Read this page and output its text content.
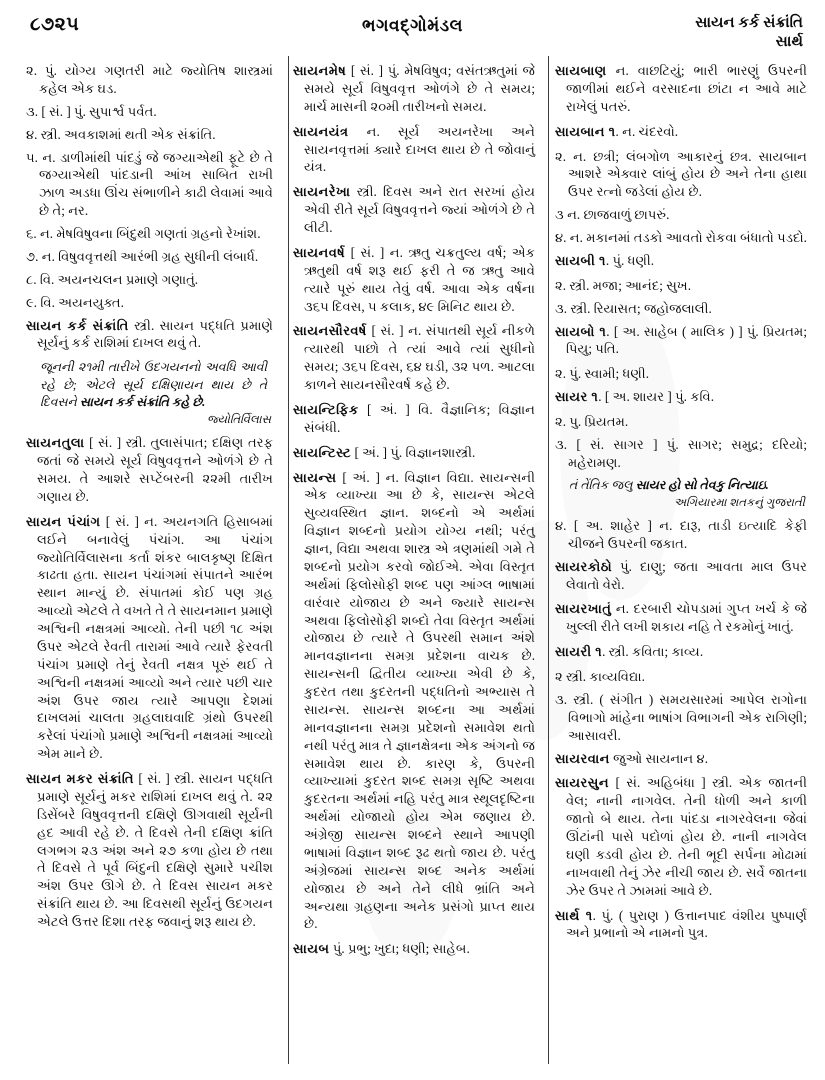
૮૭૨૫	ભગવદ્ગોમંડલ	સાયન કર્ક સંક્રાંતિ
સાર્થ

૨. પું. યોગ્ય ગણતરી માટે જ્યોતિષ શાસ્ત્રમાં કહેલ એક ઘડ.

૩. [ સં. ] પું. સુપાર્શ્વ પર્વત.

૪. સ્ત્રી. અવકાશમાં થતી એક સંક્રાંતિ.

૫. ન. ડાળીમાંથી પાંદડું જે જગ્યાએથી ફૂટે છે તે જગ્યાએથી પાંદડાની આંખ સાબિત રાખી ઝાળ અડધા ઊંચ સંભાળીને કાઢી લેવામાં આવે છે તે; નર.

૬. ન. મેષવિષુવના બિંદુથી ગણતાં ગ્રહનો રેખાંશ.

૭. ન. વિષુવવૃત્તથી આરંભી ગ્રહ સુધીની લંબાર્ધ.

૮. વિ. અયનચલન પ્રમાણે ગણાતું.

૯. વિ. અયનયુક્ત.

સાયન કર્ક સંક્રાંતિ સ્ત્રી. સાયન પદ્ધતિ પ્રમાણે સૂર્યનું કર્ક રાશિમાં દાખલ થવું તે.

જૂનની ૨૧મી તારીખે ઉદગયનનો અવધિ આવી રહે છે; એટલે સૂર્ય દક્ષિણાયન થાય છે તે દિવસને સાયન કર્ક સંક્રાંતિ કહે છે.

જ્યોતિર્વિલાસ

સાયનતુલા [ સં. ] સ્ત્રી. તુલાસંપાત; દક્ષિણ તરફ જતાં જે સમયે સૂર્ય વિષુવવૃત્તને ઓળંગે છે તે સમય. તે આશરે સપ્ટેંબરની ૨૨મી તારીખ ગણાય છે.

સાયન પંચાંગ [ સં. ] ન. અયનગતિ હિસાબમાં લઈને બનાવેલું પંચાંગ. આ પંચાંગ જ્યોતિર્વિલાસના કર્તા શંકર બાલકૃષ્ણ દિક્ષિત કાઢતા હતા. સાયન પંચાંગમાં સંપાતને આરંભ સ્થાન માન્યું છે. સંપાતમાં કોઈ પણ ગ્રહ આવ્યો એટલે તે વખતે તે તે સાયનમાન પ્રમાણે અશ્વિની નક્ષત્રમાં આવ્યો. તેની પછી ૧૮ અંશ ઉપર એટલે રેવતી તારામાં આવે ત્યારે ફેરવતી પંચાંગ પ્રમાણે તેનું રેવતી નક્ષત્ર પૂરું થઈ તે અશ્વિની નક્ષત્રમાં આવ્યો અને ત્યાર પછી ચાર અંશ ઉપર જાય ત્યારે આપણા દેશમાં દાખલમાં ચાલતા ગ્રહલાઘવાદિ ગ્રંથો ઉપરથી કરેલાં પંચાંગો પ્રમાણે અશ્વિની નક્ષત્રમાં આવ્યો એમ માને છે.

સાયન મકર સંક્રાંતિ [ સં. ] સ્ત્રી. સાયન પદ્ધતિ પ્રમાણે સૂર્યનું મકર રાશિમાં દાખલ થવું તે. ૨૨ ડિસેંબરે વિષુવવૃત્તની દક્ષિણે ઊગવાથી સૂર્યની હદ આવી રહે છે. તે દિવસે તેની દક્ષિણ ક્રાંતિ લગભગ ૨૩ અંશ અને ૨૭ કળા હોય છે તથા તે દિવસે તે પૂર્વ બિંદુની દક્ષિણે સુમારે પચીશ અંશ ઉપર ઊગે છે. તે દિવસ સાયન મકર સંક્રાંતિ થાય છે. આ દિવસથી સૂર્યનું ઉદગયન એટલે ઉત્તર દિશા તરફ જવાનું શરૂ થાય છે.

સાયનમેષ [ સં. ] પું. મેષવિષુવ; વસંતઋતુમાં જે સમયે સૂર્ય વિષુવવૃત્ત ઓળંગે છે તે સમય; માર્ચ માસની ૨૦મી તારીખનો સમય.

સાયનયંત્ર ન. સૂર્ય અયનરેખા અને સાયનવૃત્તમાં ક્યારે દાખલ થાય છે તે જોવાનું યંત્ર.

સાયનરેખા સ્ત્રી. દિવસ અને રાત સરખાં હોય એવી રીતે સૂર્ય વિષુવવૃત્તને જ્યાં ઓળંગે છે તે લીટી.

સાયનવર્ષ [ સં. ] ન. ઋતુ ચક્રતુલ્ય વર્ષ; એક ઋતુથી વર્ષ શરૂ થઈ ફરી તે જ ઋતુ આવે ત્યારે પૂરું થાય તેવું વર્ષ. આવા એક વર્ષના ૩૬૫ દિવસ, ૫ કલાક, ૪૯ મિનિટ થાય છે.

સાયનસૌરવર્ષ [ સં. ] ન. સંપાતથી સૂર્ય નીકળે ત્યારથી પાછો તે ત્યાં આવે ત્યાં સુધીનો સમય; ૩૬૫ દિવસ, ૬૪ ઘડી, ૩૨ પળ. આટલા કાળને સાયનસૌરવર્ષ કહે છે.

સાયન્ટિફિક [ અં. ] વિ. વૈજ્ઞાનિક; વિજ્ઞાન સંબંધી.

સાયન્ટિસ્ટ [ અં. ] પું. વિજ્ઞાનશાસ્ત્રી.

સાયન્સ [ અં. ] ન. વિજ્ઞાન વિદ્યા. સાયન્સની એક વ્યાખ્યા આ છે કે, સાયન્સ એટલે સુવ્યવસ્થિત જ્ઞાન. શબ્દનો એ અર્થમાં વિજ્ઞાન શબ્દનો પ્રયોગ યોગ્ય નથી; પરંતુ જ્ઞાન, વિદ્યા અથવા શાસ્ત્ર એ ત્રણમાંથી ગમે તે શબ્દનો પ્રયોગ કરવો જોઈએ. એવા વિસ્તૃત અર્થમાં ફિલોસોફી શબ્દ પણ આંગ્લ ભાષામાં વારંવાર યોજાય છે અને જ્યારે સાયન્સ અથવા ફિલોસોફી શબ્દો તેવા વિસ્તૃત અર્થમાં યોજાય છે ત્યારે તે ઉપરથી સમાન અંશે માનવજ્ઞાનના સમગ્ર પ્રદેશના વાચક છે. સાયન્સની દ્વિતીય વ્યાખ્યા એવી છે કે, કુદરત તથા કુદરતની પદ્ધતિનો અભ્યાસ તે સાયન્સ. સાયન્સ શબ્દના આ અર્થમાં માનવજ્ઞાનના સમગ્ર પ્રદેશનો સમાવેશ થતો નથી પરંતુ માત્ર તે જ્ઞાનક્ષેત્રના એક અંગનો જ સમાવેશ થાય છે. કારણ કે, ઉપરની વ્યાખ્યામાં કુદરત શબ્દ સમગ્ર સૃષ્ટિ અથવા કુદરતના અર્થમાં નહિ પરંતુ માત્ર સ્થૂલદૃષ્ટિના અર્થમાં યોજાયો હોય એમ જણાય છે. અંગ્રેજી સાયન્સ શબ્દને સ્થાને આપણી ભાષામાં વિજ્ઞાન શબ્દ રૂઢ થતો જાય છે. પરંતુ અંગ્રેજમાં સાયન્સ શબ્દ અનેક અર્થમાં યોજાય છે અને તેને લીધે ભ્રાંતિ અને અન્યથા ગ્રહણના અનેક પ્રસંગો પ્રાપ્ત થાય છે.

સાયબ પું. પ્રભુ; ખુદા; ધણી; સાહેબ.

સાયબાણ ન. વાછટિયું; ભારી ભારણું ઉપરની જાળીમાં થઈને વરસાદના છાંટા ન આવે માટે રાખેલું પતરું.

સાયબાન ૧. ન. ચંદરવો.

૨. ન. છત્રી; લંબગોળ આકારનું છત્ર. સાયબાન આશરે એક્વાર લાંબું હોય છે અને તેના હાથા ઉપર રત્નો જડેલાં હોય છે.

૩ ન. છાજવાળું છાપરું.

૪. ન. મકાનમાં તડકો આવતો રોકવા બંધાતો પડદો.

સાયબી ૧. પું. ધણી.

૨. સ્ત્રી. મજા; આનંદ; સુખ.

૩. સ્ત્રી. રિયાસત; જહોજલાલી.

સાયબો ૧. [ અ. સાહેબ ( માલિક ) ] પું. પ્રિયતમ; પિયુ; પતિ.

૨. પું. સ્વામી; ધણી.

સાયર ૧. [ અ. શાયર ] પું. કવિ.

૨. પુ. પ્રિયતમ.

૩. [ સં. સાગર ] પું. સાગર; સમુદ્ર; દરિયો; મહેરામણ.

તં તેંતિ‌ક જલુ સાયર હો સો તેવકુ નિત્યાઇ.

અગિયારમા શતકનું ગુજરાતી

૪. [ અ. શાહેર ] ન. દારૂ, તાડી ઇત્યાદિ કેફી ચીજને ઉપરની જકાત.

સાયરકોઠો પું. દાણુ; જતા આવતા માલ ઉપર લેવાતો વેરો.

સાયરખાતું ન. દરબારી ચોપડામાં ગુપ્ત ખર્ચ કે જે ખુલ્લી રીતે લખી શકાય નહિ તે રકમોનું ખાતું.

સાયરી ૧. સ્ત્રી. કવિતા; કાવ્ય.

૨ સ્ત્રી. કાવ્યવિદ્યા.

૩. સ્ત્રી. ( સંગીત ) સમયસારમાં આપેલ રાગોના વિભાગો માંહેના ભાષાંગ વિભાગની એક રાગિણી; આસાવરી.

સાયરવાન જુઓ સાયનાન ૪.

સાયરસુન [ સં. અહિબંધા ] સ્ત્રી. એક જાતની વેલ; નાની નાગવેલ. તેની ધોળી અને કાળી જાતો બે થાય. તેના પાંદડા નાગરવેલના જેવાં ઊંટાંની પાસે પદોળાં હોય છે. નાની નાગવેલ ઘણી ક્ડવી હોય છે. તેની ભૂદી સર્પના મોઢામાં નાખવાથી તેનું ઝેર નીચી જાય છે. સર્વે જાતના ઝેર ઉપર તે ઝામમાં આવે છે.

સાર્થ ૧. પું. ( પુરાણ ) ઉત્તાનપાદ વંશીય પુષ્પાર્ણ અને પ્રભાનો એ નામનો પુત્ર.
